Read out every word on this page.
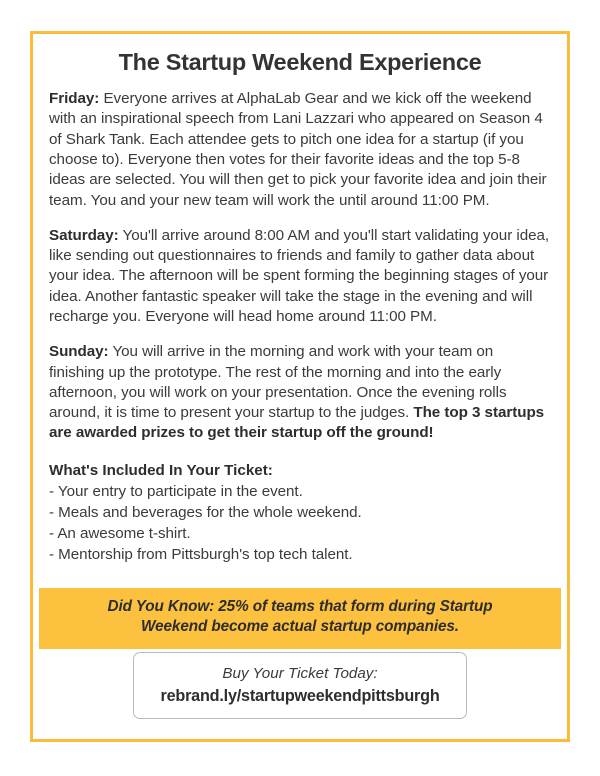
The Startup Weekend Experience

Friday: Everyone arrives at AlphaLab Gear and we kick off the weekend with an inspirational speech from Lani Lazzari who appeared on Season 4 of Shark Tank. Each attendee gets to pitch one idea for a startup (if you choose to). Everyone then votes for their favorite ideas and the top 5-8 ideas are selected. You will then get to pick your favorite idea and join their team. You and your new team will work the until around 11:00 PM.

Saturday: You'll arrive around 8:00 AM and you'll start validating your idea, like sending out questionnaires to friends and family to gather data about your idea. The afternoon will be spent forming the beginning stages of your idea. Another fantastic speaker will take the stage in the evening and will recharge you. Everyone will head home around 11:00 PM.

Sunday: You will arrive in the morning and work with your team on finishing up the prototype. The rest of the morning and into the early afternoon, you will work on your presentation. Once the evening rolls around, it is time to present your startup to the judges. The top 3 startups are awarded prizes to get their startup off the ground!

What's Included In Your Ticket:
- Your entry to participate in the event.
- Meals and beverages for the whole weekend.
- An awesome t-shirt.
- Mentorship from Pittsburgh's top tech talent.
Did You Know: 25% of teams that form during Startup Weekend become actual startup companies.
Buy Your Ticket Today:
rebrand.ly/startupweekendpittsburgh
